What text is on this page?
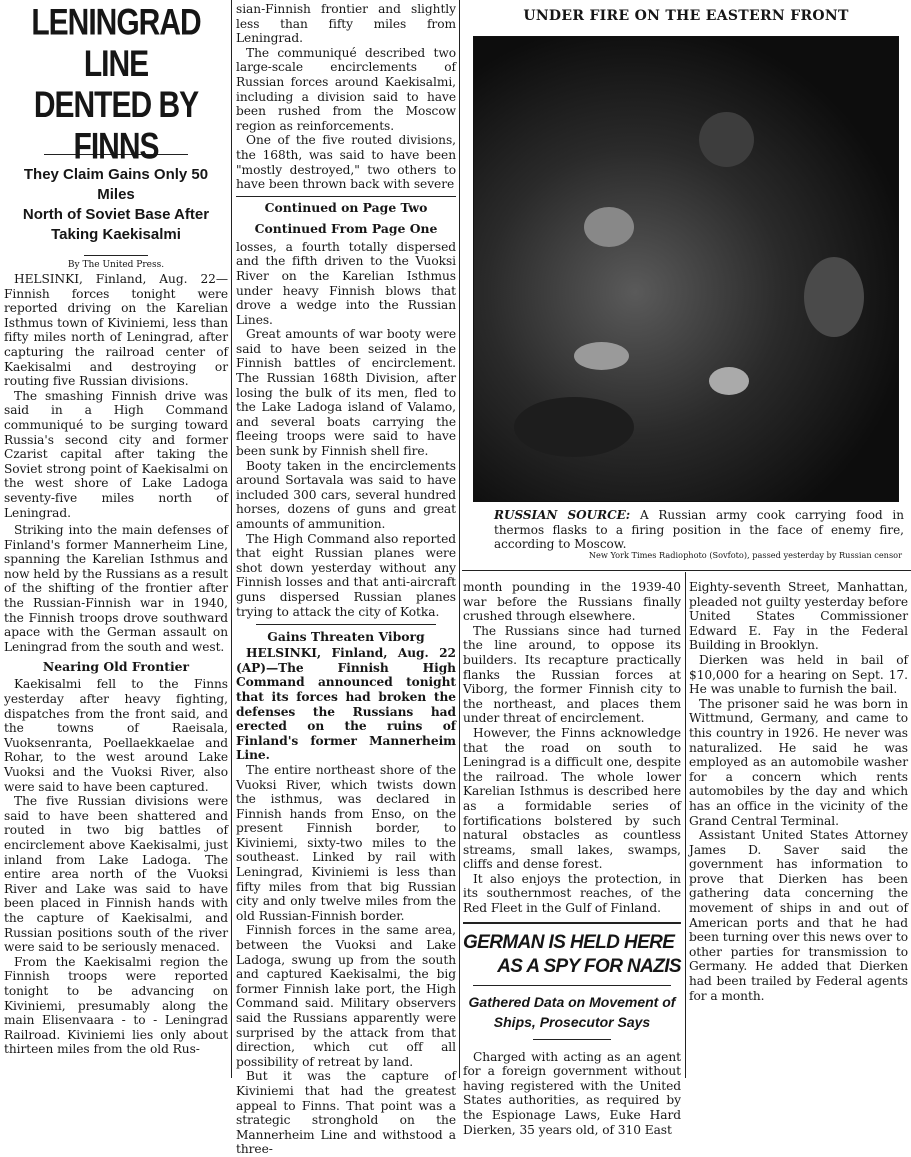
LENINGRAD LINE
DENTED BY FINNS
They Claim Gains Only 50 Miles
North of Soviet Base After
Taking Kaekisalmi
By The United Press.

HELSINKI, Finland, Aug. 22—Finnish forces tonight were reported driving on the Karelian Isthmus town of Kiviniemi, less than fifty miles north of Leningrad, after capturing the railroad center of Kaekisalmi and destroying or routing five Russian divisions.

The smashing Finnish drive was said in a High Command communiqué to be surging toward Russia's second city and former Czarist capital after taking the Soviet strong point of Kaekisalmi on the west shore of Lake Ladoga seventy-five miles north of Leningrad.

Striking into the main defenses of Finland's former Mannerheim Line, spanning the Karelian Isthmus and now held by the Russians as a result of the shifting of the frontier after the Russian-Finnish war in 1940, the Finnish troops drove southward apace with the German assault on Leningrad from the south and west.

Nearing Old Frontier

Kaekisalmi fell to the Finns yesterday after heavy fighting, dispatches from the front said, and the towns of Raeisala, Vuoksenranta, Poellaekkaelae and Rohar, to the west around Lake Vuoksi and the Vuoksi River, also were said to have been captured.

The five Russian divisions were said to have been shattered and routed in two big battles of encirclement above Kaekisalmi, just inland from Lake Ladoga. The entire area north of the Vuoksi River and Lake was said to have been placed in Finnish hands with the capture of Kaekisalmi, and Russian positions south of the river were said to be seriously menaced.

From the Kaekisalmi region the Finnish troops were reported tonight to be advancing on Kiviniemi, presumably along the main Elisenvaara - to - Leningrad Railroad. Kiviniemi lies only about thirteen miles from the old Rus-

sian-Finnish frontier and slightly less than fifty miles from Leningrad.

The communiqué described two large-scale encirclements of Russian forces around Kaekisalmi, including a division said to have been rushed from the Moscow region as reinforcements.

One of the five routed divisions, the 168th, was said to have been "mostly destroyed," two others to have been thrown back with severe

Continued on Page Two
Continued From Page One

losses, a fourth totally dispersed and the fifth driven to the Vuoksi River on the Karelian Isthmus under heavy Finnish blows that drove a wedge into the Russian Lines.

Great amounts of war booty were said to have been seized in the Finnish battles of encirclement. The Russian 168th Division, after losing the bulk of its men, fled to the Lake Ladoga island of Valamo, and several boats carrying the fleeing troops were said to have been sunk by Finnish shell fire.

Booty taken in the encirclements around Sortavala was said to have included 300 cars, several hundred horses, dozens of guns and great amounts of ammunition.

The High Command also reported that eight Russian planes were shot down yesterday without any Finnish losses and that anti-aircraft guns dispersed Russian planes trying to attack the city of Kotka.

Gains Threaten Viborg

HELSINKI, Finland, Aug. 22 (AP)—The Finnish High Command announced tonight that its forces had broken the defenses the Russians had erected on the ruins of Finland's former Mannerheim Line.

The entire northeast shore of the Vuoksi River, which twists down the isthmus, was declared in Finnish hands from Enso, on the present Finnish border, to Kiviniemi, sixty-two miles to the southeast. Linked by rail with Leningrad, Kiviniemi is less than fifty miles from that big Russian city and only twelve miles from the old Russian-Finnish border.

Finnish forces in the same area, between the Vuoksi and Lake Ladoga, swung up from the south and captured Kaekisalmi, the big former Finnish lake port, the High Command said. Military observers said the Russians apparently were surprised by the attack from that direction, which cut off all possibility of retreat by land.

But it was the capture of Kiviniemi that had the greatest appeal to Finns. That point was a strategic stronghold on the Mannerheim Line and withstood a three-

UNDER FIRE ON THE EASTERN FRONT
RUSSIAN SOURCE: A Russian army cook carrying food in thermos flasks to a firing position in the face of enemy fire, according to Moscow.
New York Times Radiophoto (Sovfoto), passed yesterday by Russian censor

month pounding in the 1939-40 war before the Russians finally crushed through elsewhere.

The Russians since had turned the line around, to oppose its builders. Its recapture practically flanks the Russian forces at Viborg, the former Finnish city to the northeast, and places them under threat of encirclement.

However, the Finns acknowledge that the road on south to Leningrad is a difficult one, despite the railroad. The whole lower Karelian Isthmus is described here as a formidable series of fortifications bolstered by such natural obstacles as countless streams, small lakes, swamps, cliffs and dense forest.

It also enjoys the protection, in its southernmost reaches, of the Red Fleet in the Gulf of Finland.

GERMAN IS HELD HERE
AS A SPY FOR NAZIS
Gathered Data on Movement of
Ships, Prosecutor Says

Charged with acting as an agent for a foreign government without having registered with the United States authorities, as required by the Espionage Laws, Euke Hard Dierken, 35 years old, of 310 East

Eighty-seventh Street, Manhattan, pleaded not guilty yesterday before United States Commissioner Edward E. Fay in the Federal Building in Brooklyn.

Dierken was held in bail of $10,000 for a hearing on Sept. 17. He was unable to furnish the bail.

The prisoner said he was born in Wittmund, Germany, and came to this country in 1926. He never was naturalized. He said he was employed as an automobile washer for a concern which rents automobiles by the day and which has an office in the vicinity of the Grand Central Terminal.

Assistant United States Attorney James D. Saver said the government has information to prove that Dierken has been gathering data concerning the movement of ships in and out of American ports and that he had been turning over this news over to other parties for transmission to Germany. He added that Dierken had been trailed by Federal agents for a month.
